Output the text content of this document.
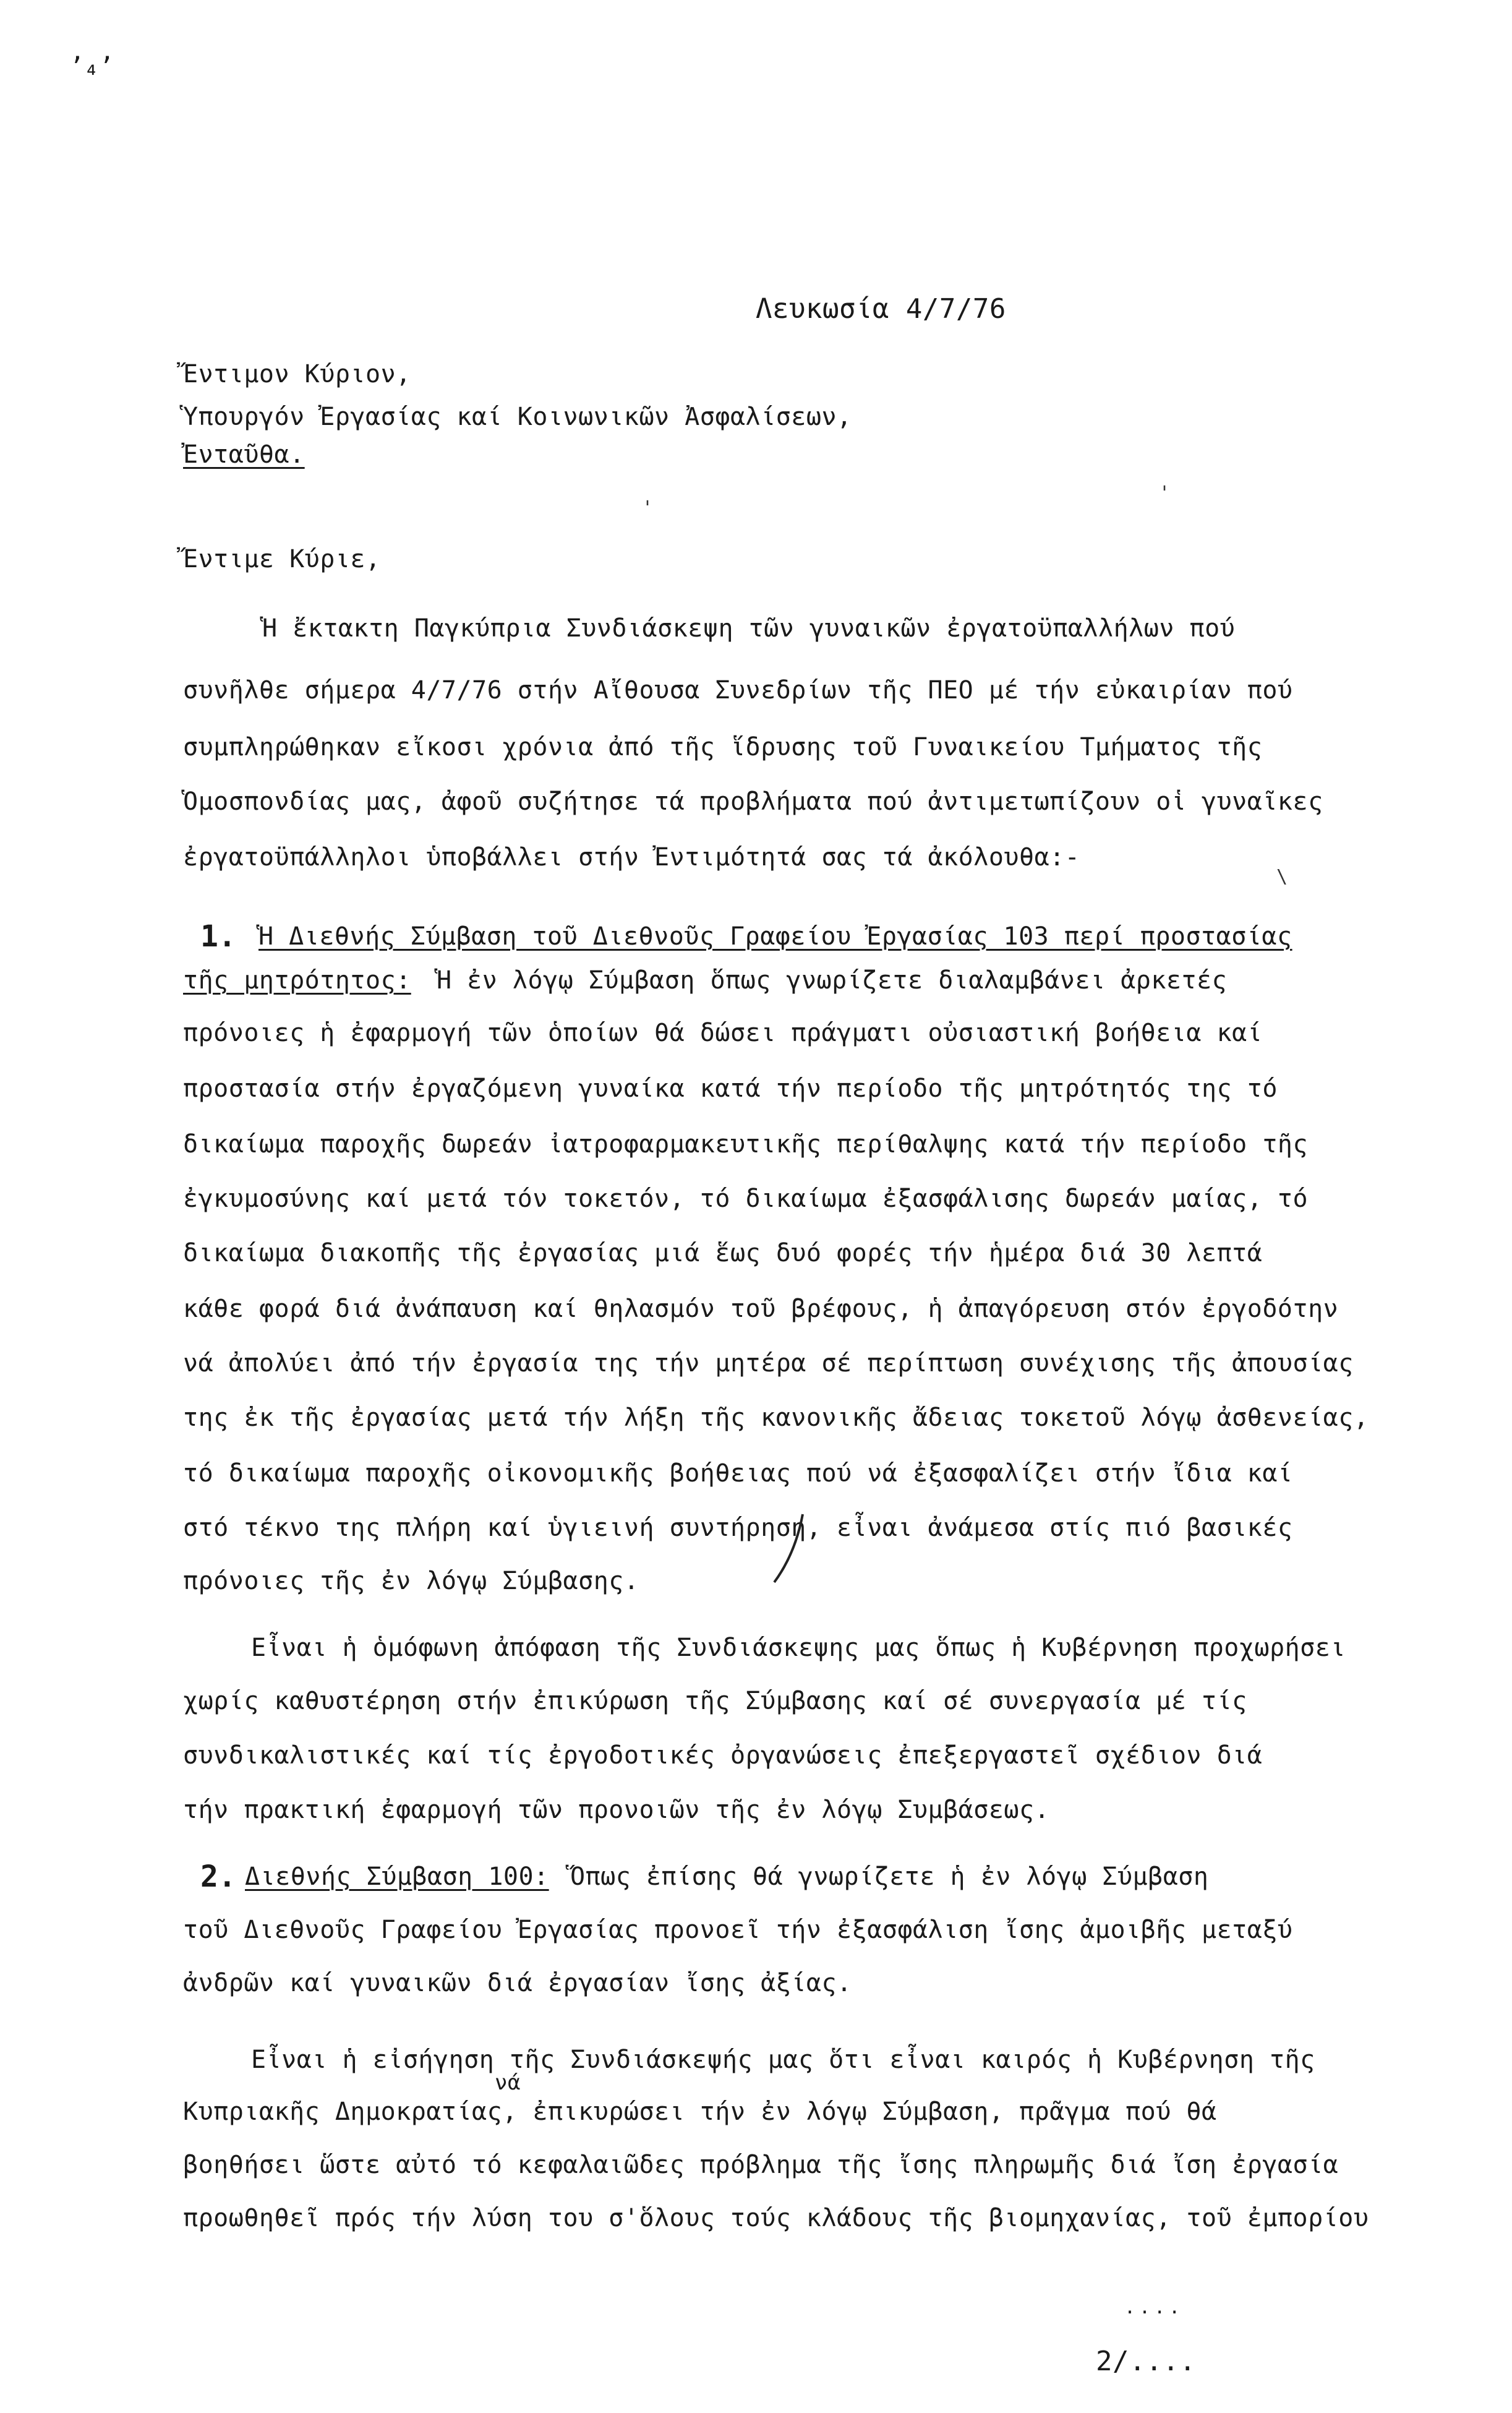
ʼ₄ʼ
Λευκωσία 4/7/76
Ἔντιμον Κύριον,
Ὑπουργόν Ἐργασίας καί Κοινωνικῶν Ἀσφαλίσεων,
Ἐνταῦθα.
Ἔντιμε Κύριε,
Ἡ ἔκτακτη Παγκύπρια Συνδιάσκεψη τῶν γυναικῶν ἐργατοϋπαλλήλων πού
συνῆλθε σήμερα 4/7/76 στήν Αἴθουσα Συνεδρίων τῆς ΠΕΟ μέ τήν εὐκαιρίαν πού
συμπληρώθηκαν εἴκοσι χρόνια ἀπό τῆς ἵδρυσης τοῦ Γυναικείου Τμήματος τῆς
Ὁμοσπονδίας μας, ἀφοῦ συζήτησε τά προβλήματα πού ἀντιμετωπίζουν οἱ γυναῖκες
ἐργατοϋπάλληλοι ὑποβάλλει στήν Ἐντιμότητά σας τά ἀκόλουθα:-
1. Ἡ Διεθνής Σύμβαση τοῦ Διεθνοῦς Γραφείου Ἐργασίας 103 περί προστασίας
τῆς μητρότητος: Ἡ ἐν λόγῳ Σύμβαση ὅπως γνωρίζετε διαλαμβάνει ἀρκετές
πρόνοιες ἡ ἐφαρμογή τῶν ὁποίων θά δώσει πράγματι οὐσιαστική βοήθεια καί
προστασία στήν ἐργαζόμενη γυναίκα κατά τήν περίοδο τῆς μητρότητός της τό
δικαίωμα παροχῆς δωρεάν ἰατροφαρμακευτικῆς περίθαλψης κατά τήν περίοδο τῆς
ἐγκυμοσύνης καί μετά τόν τοκετόν, τό δικαίωμα ἐξασφάλισης δωρεάν μαίας, τό
δικαίωμα διακοπῆς τῆς ἐργασίας μιά ἕως δυό φορές τήν ἡμέρα διά 30 λεπτά
κάθε φορά διά ἀνάπαυση καί θηλασμόν τοῦ βρέφους, ἡ ἀπαγόρευση στόν ἐργοδότην
νά ἀπολύει ἀπό τήν ἐργασία της τήν μητέρα σέ περίπτωση συνέχισης τῆς ἀπουσίας
της ἐκ τῆς ἐργασίας μετά τήν λήξη τῆς κανονικῆς ἄδειας τοκετοῦ λόγῳ ἀσθενείας,
τό δικαίωμα παροχῆς οἰκονομικῆς βοήθειας πού νά ἐξασφαλίζει στήν ἴδια καί
στό τέκνο της πλήρη καί ὑγιεινή συντήρηση, εἶναι ἀνάμεσα στίς πιό βασικές
πρόνοιες τῆς ἐν λόγῳ Σύμβασης.
Εἶναι ἡ ὁμόφωνη ἀπόφαση τῆς Συνδιάσκεψης μας ὅπως ἡ Κυβέρνηση προχωρήσει
χωρίς καθυστέρηση στήν ἐπικύρωση τῆς Σύμβασης καί σέ συνεργασία μέ τίς
συνδικαλιστικές καί τίς ἐργοδοτικές ὀργανώσεις ἐπεξεργαστεῖ σχέδιον διά
τήν πρακτική ἐφαρμογή τῶν προνοιῶν τῆς ἐν λόγῳ Συμβάσεως.
2. Διεθνής Σύμβαση 100: Ὅπως ἐπίσης θά γνωρίζετε ἡ ἐν λόγῳ Σύμβαση
τοῦ Διεθνοῦς Γραφείου Ἐργασίας προνοεῖ τήν ἐξασφάλιση ἴσης ἀμοιβῆς μεταξύ
ἀνδρῶν καί γυναικῶν διά ἐργασίαν ἴσης ἀξίας.
Εἶναι ἡ εἰσήγηση τῆς Συνδιάσκεψής μας ὅτι εἶναι καιρός ἡ Κυβέρνηση τῆς
νά
Κυπριακῆς Δημοκρατίας, ἐπικυρώσει τήν ἐν λόγῳ Σύμβαση, πρᾶγμα πού θά
βοηθήσει ὥστε αὐτό τό κεφαλαιῶδες πρόβλημα τῆς ἴσης πληρωμῆς διά ἴση ἐργασία
προωθηθεῖ πρός τήν λύση του σ'ὅλους τούς κλάδους τῆς βιομηχανίας, τοῦ ἐμπορίου
'
'
\
....
2/....
